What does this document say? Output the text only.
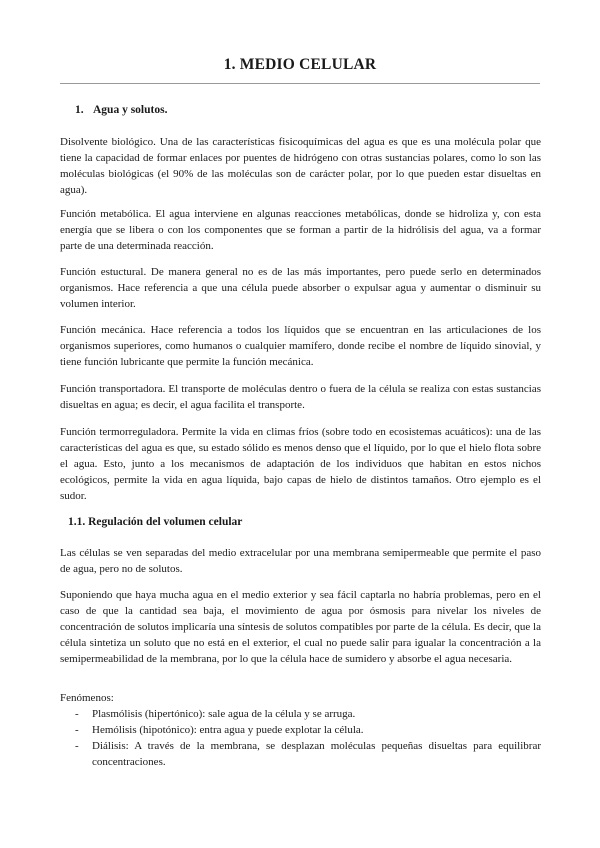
1. MEDIO CELULAR
1. Agua y solutos.

Disolvente biológico. Una de las características fisicoquímicas del agua es que es una molécula polar que tiene la capacidad de formar enlaces por puentes de hidrógeno con otras sustancias polares, como lo son las moléculas biológicas (el 90% de las moléculas son de carácter polar, por lo que pueden estar disueltas en agua).

Función metabólica. El agua interviene en algunas reacciones metabólicas, donde se hidroliza y, con esta energía que se libera o con los componentes que se forman a partir de la hidrólisis del agua, va a formar parte de una determinada reacción.

Función estuctural. De manera general no es de las más importantes, pero puede serlo en determinados organismos. Hace referencia a que una célula puede absorber o expulsar agua y aumentar o disminuir su volumen interior.

Función mecánica. Hace referencia a todos los líquidos que se encuentran en las articulaciones de los organismos superiores, como humanos o cualquier mamífero, donde recibe el nombre de líquido sinovial, y tiene función lubricante que permite la función mecánica.

Función transportadora. El transporte de moléculas dentro o fuera de la célula se realiza con estas sustancias disueltas en agua; es decir, el agua facilita el transporte.

Función termorreguladora. Permite la vida en climas fríos (sobre todo en ecosistemas acuáticos): una de las características del agua es que, su estado sólido es menos denso que el líquido, por lo que el hielo flota sobre el agua. Esto, junto a los mecanismos de adaptación de los individuos que habitan en estos nichos ecológicos, permite la vida en agua líquida, bajo capas de hielo de distintos tamaños. Otro ejemplo es el sudor.

1.1. Regulación del volumen celular

Las células se ven separadas del medio extracelular por una membrana semipermeable que permite el paso de agua, pero no de solutos.

Suponiendo que haya mucha agua en el medio exterior y sea fácil captarla no habría problemas, pero en el caso de que la cantidad sea baja, el movimiento de agua por ósmosis para nivelar los niveles de concentración de solutos implicaría una síntesis de solutos compatibles por parte de la célula. Es decir, que la célula sintetiza un soluto que no está en el exterior, el cual no puede salir para igualar la concentración a la semipermeabilidad de la membrana, por lo que la célula hace de sumidero y absorbe el agua necesaria.

Fenómenos:
- Plasmólisis (hipertónico): sale agua de la célula y se arruga.
- Hemólisis (hipotónico): entra agua y puede explotar la célula.
- Diálisis: A través de la membrana, se desplazan moléculas pequeñas disueltas para equilibrar concentraciones.
